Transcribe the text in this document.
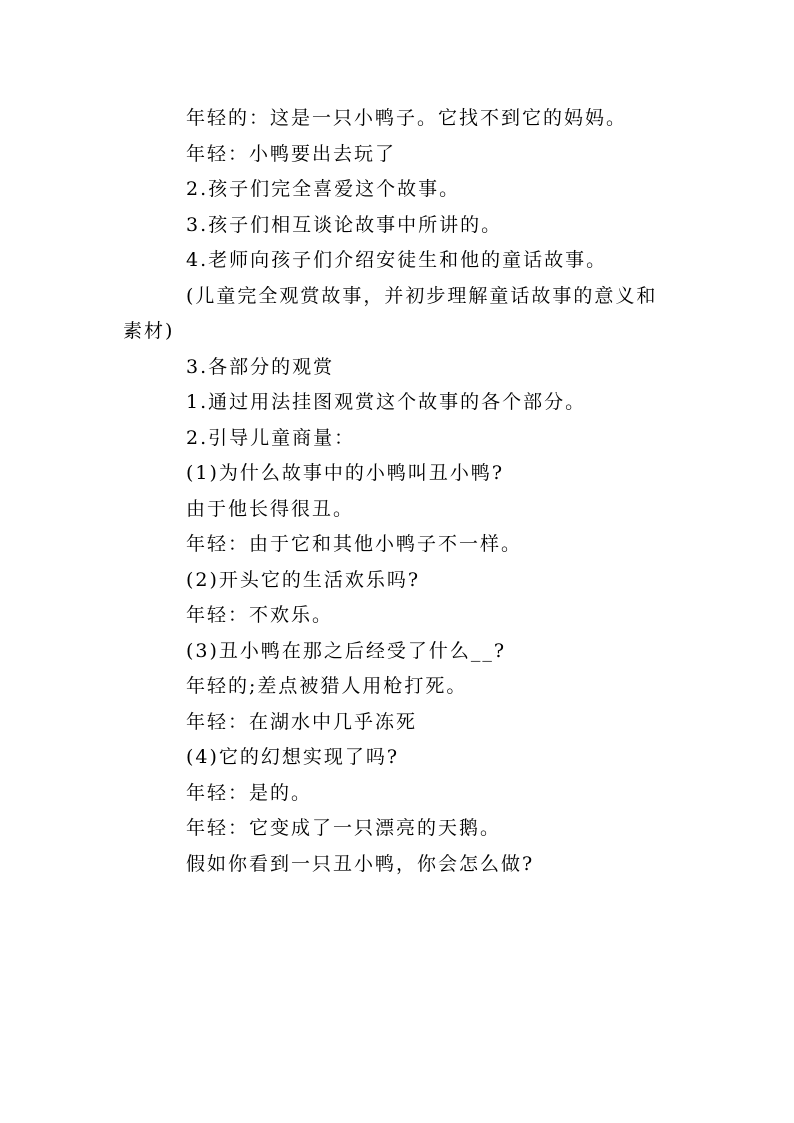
年轻的：这是一只小鸭子。它找不到它的妈妈。
年轻：小鸭要出去玩了
2.孩子们完全喜爱这个故事。
3.孩子们相互谈论故事中所讲的。
4.老师向孩子们介绍安徒生和他的童话故事。
(儿童完全观赏故事，并初步理解童话故事的意义和
素材)
3.各部分的观赏
1.通过用法挂图观赏这个故事的各个部分。
2.引导儿童商量：
(1)为什么故事中的小鸭叫丑小鸭?
由于他长得很丑。
年轻：由于它和其他小鸭子不一样。
(2)开头它的生活欢乐吗?
年轻：不欢乐。
(3)丑小鸭在那之后经受了什么__?
年轻的;差点被猎人用枪打死。
年轻：在湖水中几乎冻死
(4)它的幻想实现了吗?
年轻：是的。
年轻：它变成了一只漂亮的天鹅。
假如你看到一只丑小鸭，你会怎么做?
